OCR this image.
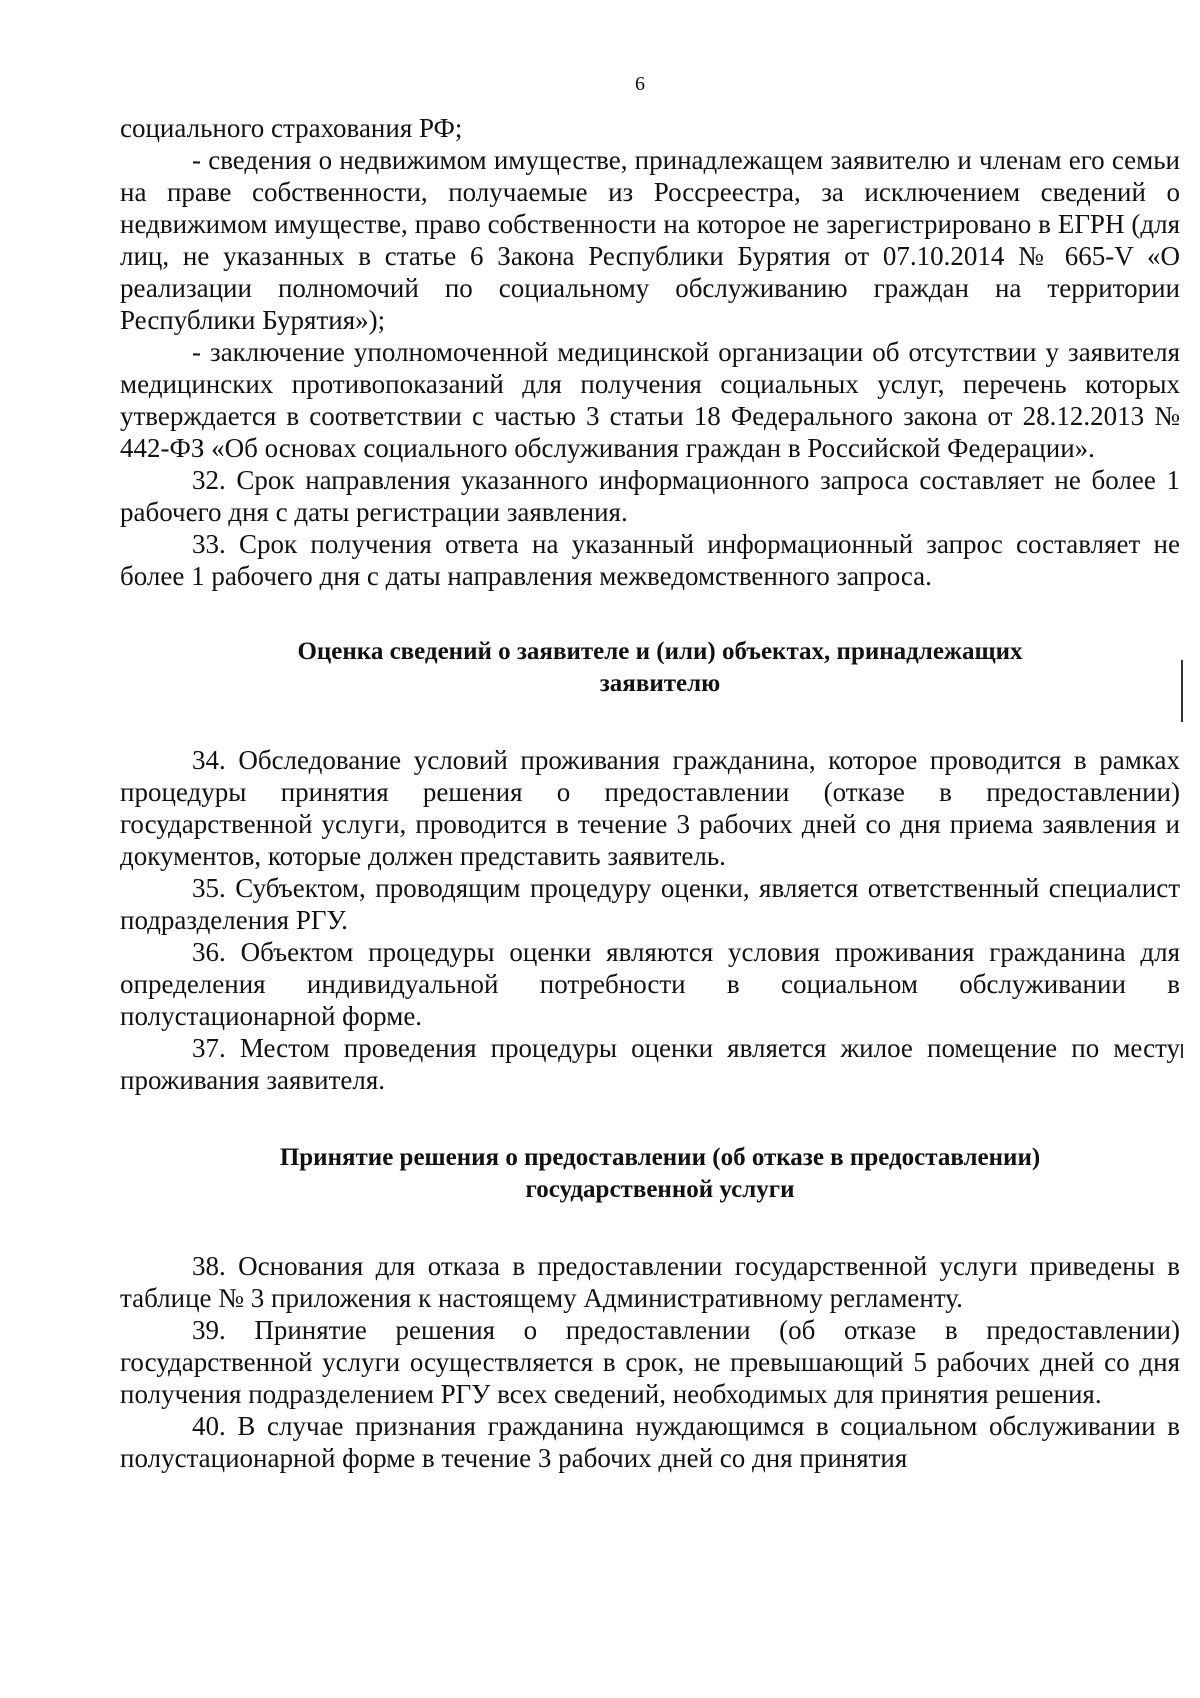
6

социального страхования РФ;

- сведения о недвижимом имуществе, принадлежащем заявителю и членам его семьи на праве собственности, получаемые из Россреестра, за исключением сведений о недвижимом имуществе, право собственности на которое не зарегистрировано в ЕГРН (для лиц, не указанных в статье 6 Закона Республики Бурятия от 07.10.2014 № 665-V «О реализации полномочий по социальному обслуживанию граждан на территории Республики Бурятия»);

- заключение уполномоченной медицинской организации об отсутствии у заявителя медицинских противопоказаний для получения социальных услуг, перечень которых утверждается в соответствии с частью 3 статьи 18 Федерального закона от 28.12.2013 № 442-ФЗ «Об основах социального обслуживания граждан в Российской Федерации».

32. Срок направления указанного информационного запроса составляет не более 1 рабочего дня с даты регистрации заявления.

33. Срок получения ответа на указанный информационный запрос составляет не более 1 рабочего дня с даты направления межведомственного запроса.

Оценка сведений о заявителе и (или) объектах, принадлежащих

заявителю

34. Обследование условий проживания гражданина, которое проводится в рамках процедуры принятия решения о предоставлении (отказе в предоставлении) государственной услуги, проводится в течение 3 рабочих дней со дня приема заявления и документов, которые должен представить заявитель.

35. Субъектом, проводящим процедуру оценки, является ответственный специалист подразделения РГУ.

36. Объектом процедуры оценки являются условия проживания гражданина для определения индивидуальной потребности в социальном обслуживании в полустационарной форме.

37. Местом проведения процедуры оценки является жилое помещение по месту проживания заявителя.

Принятие решения о предоставлении (об отказе в предоставлении)

государственной услуги

38. Основания для отказа в предоставлении государственной услуги приведены в таблице № 3 приложения к настоящему Административному регламенту.

39. Принятие решения о предоставлении (об отказе в предоставлении) государственной услуги осуществляется в срок, не превышающий 5 рабочих дней со дня получения подразделением РГУ всех сведений, необходимых для принятия решения.

40. В случае признания гражданина нуждающимся в социальном обслуживании в полустационарной форме в течение 3 рабочих дней со дня принятия
